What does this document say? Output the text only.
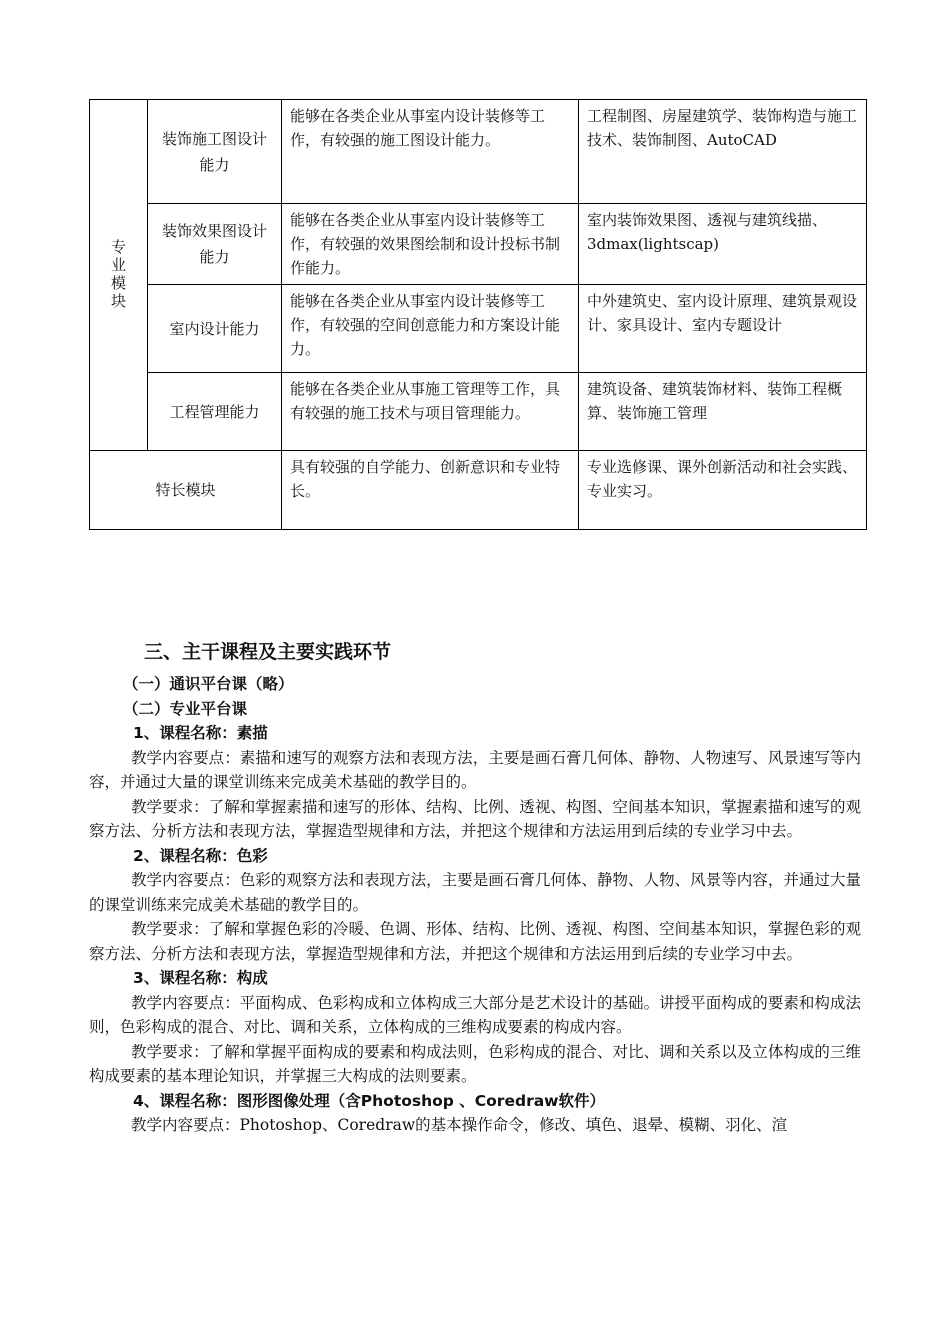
专业模块	装饰施工图设计能力	能够在各类企业从事室内设计装修等工作，有较强的施工图设计能力。	工程制图、房屋建筑学、装饰构造与施工技术、装饰制图、AutoCAD
	装饰效果图设计能力	能够在各类企业从事室内设计装修等工作，有较强的效果图绘制和设计投标书制作能力。	室内装饰效果图、透视与建筑线描、3dmax(lightscap)
	室内设计能力	能够在各类企业从事室内设计装修等工作，有较强的空间创意能力和方案设计能力。	中外建筑史、室内设计原理、建筑景观设计、家具设计、室内专题设计
	工程管理能力	能够在各类企业从事施工管理等工作，具有较强的施工技术与项目管理能力。	建筑设备、建筑装饰材料、装饰工程概算、装饰施工管理
特长模块		具有较强的自学能力、创新意识和专业特长。	专业选修课、课外创新活动和社会实践、专业实习。
三、主干课程及主要实践环节
（一）通识平台课（略）
（二）专业平台课
1、课程名称：素描

教学内容要点：素描和速写的观察方法和表现方法，主要是画石膏几何体、静物、人物速写、风景速写等内容，并通过大量的课堂训练来完成美术基础的教学目的。

教学要求：了解和掌握素描和速写的形体、结构、比例、透视、构图、空间基本知识，掌握素描和速写的观察方法、分析方法和表现方法，掌握造型规律和方法，并把这个规律和方法运用到后续的专业学习中去。

2、课程名称：色彩

教学内容要点：色彩的观察方法和表现方法，主要是画石膏几何体、静物、人物、风景等内容，并通过大量的课堂训练来完成美术基础的教学目的。

教学要求：了解和掌握色彩的冷暖、色调、形体、结构、比例、透视、构图、空间基本知识，掌握色彩的观察方法、分析方法和表现方法，掌握造型规律和方法，并把这个规律和方法运用到后续的专业学习中去。

3、课程名称：构成

教学内容要点：平面构成、色彩构成和立体构成三大部分是艺术设计的基础。讲授平面构成的要素和构成法则，色彩构成的混合、对比、调和关系，立体构成的三维构成要素的构成内容。

教学要求：了解和掌握平面构成的要素和构成法则，色彩构成的混合、对比、调和关系以及立体构成的三维构成要素的基本理论知识，并掌握三大构成的法则要素。

4、课程名称：图形图像处理（含Photoshop 、Coredraw软件）

教学内容要点：Photoshop、Coredraw的基本操作命令，修改、填色、退晕、模糊、羽化、渲
